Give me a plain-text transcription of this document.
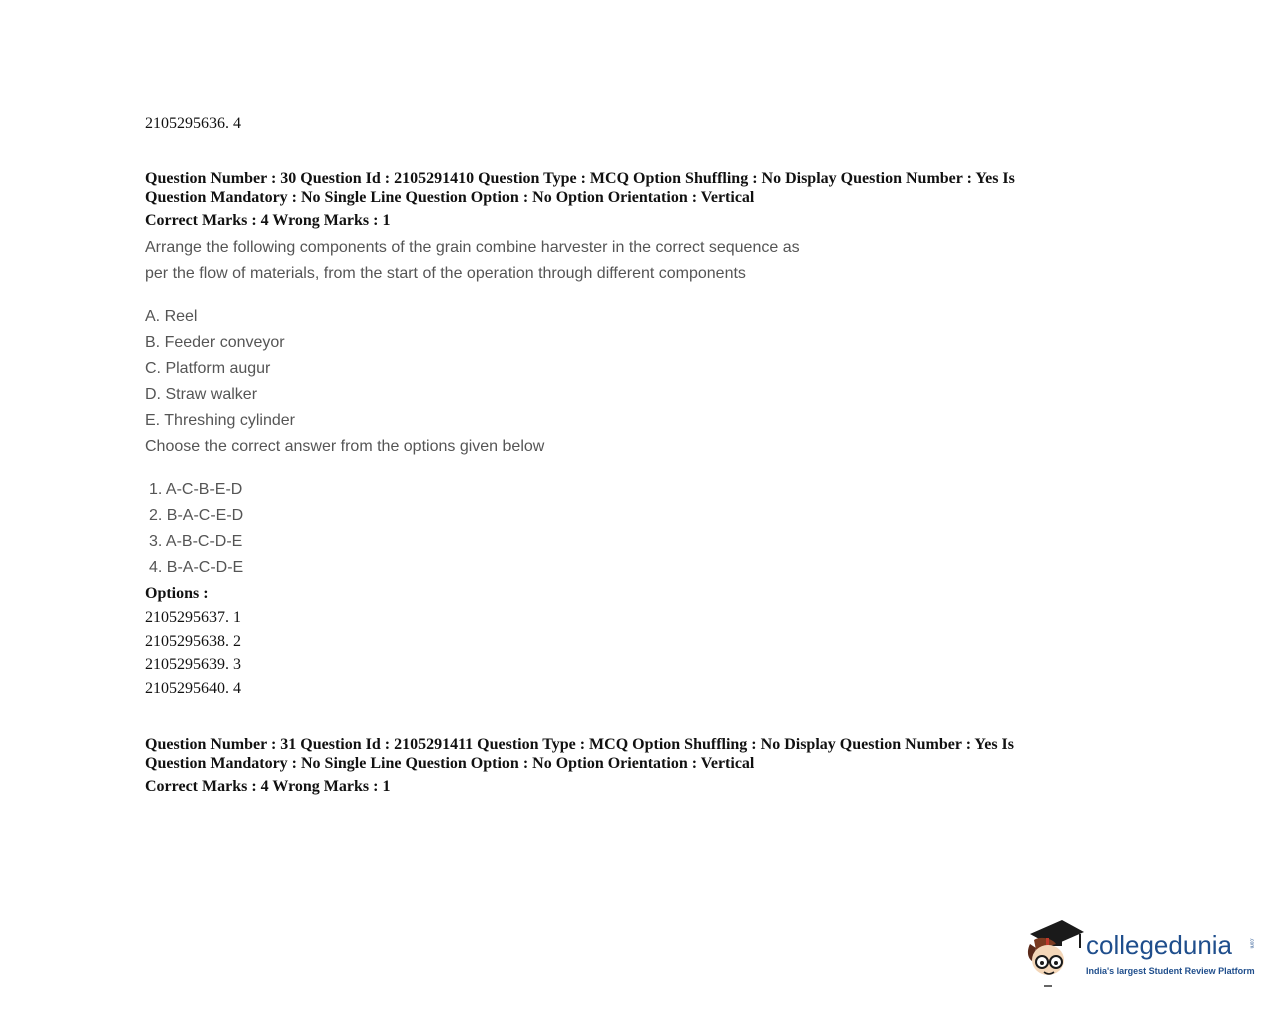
2105295636. 4
Question Number : 30 Question Id : 2105291410 Question Type : MCQ Option Shuffling : No Display Question Number : Yes Is
Question Mandatory : No Single Line Question Option : No Option Orientation : Vertical
Correct Marks : 4 Wrong Marks : 1
Arrange the following components of the grain combine harvester in the correct sequence as
per the flow of materials, from the start of the operation through different components
A. Reel
B. Feeder conveyor
C. Platform augur
D. Straw walker
E. Threshing cylinder
Choose the correct answer from the options given below
1. A-C-B-E-D
2. B-A-C-E-D
3. A-B-C-D-E
4. B-A-C-D-E
Options :
2105295637. 1
2105295638. 2
2105295639. 3
2105295640. 4
Question Number : 31 Question Id : 2105291411 Question Type : MCQ Option Shuffling : No Display Question Number : Yes Is
Question Mandatory : No Single Line Question Option : No Option Orientation : Vertical
Correct Marks : 4 Wrong Marks : 1
collegedunia	.com
India's largest Student Review Platform
